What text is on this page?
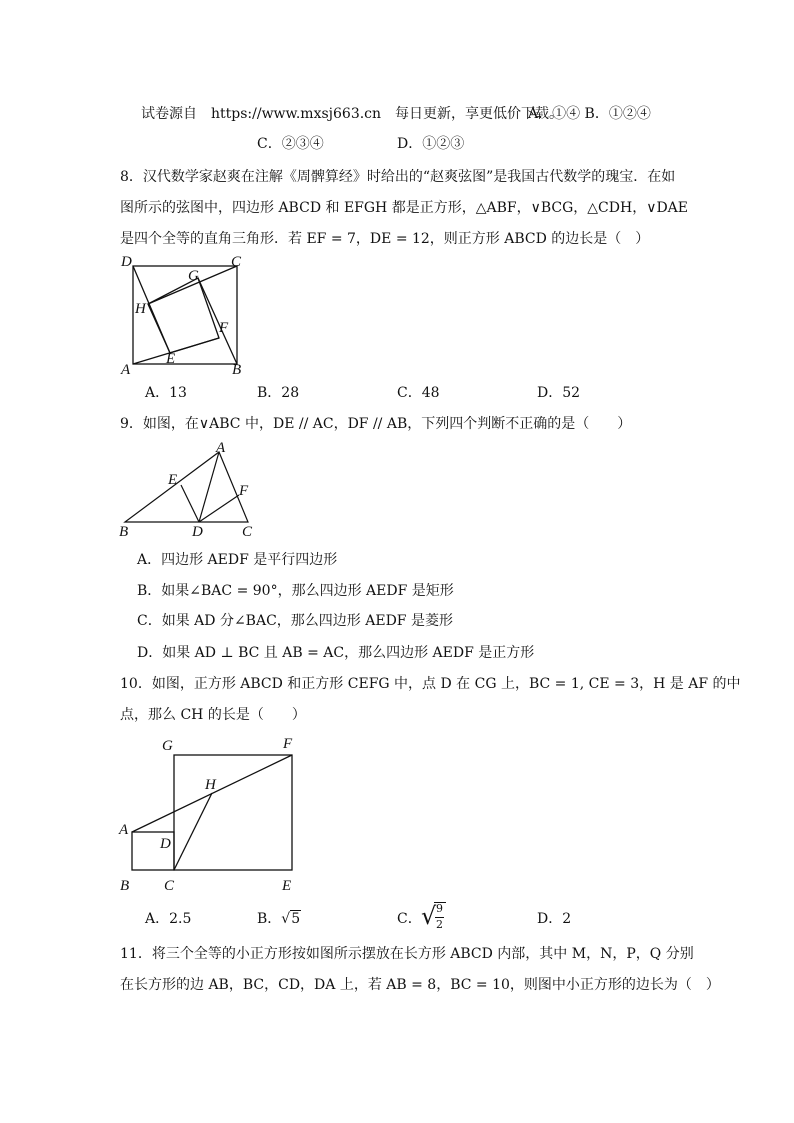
试卷源自　https://www.mxsj663.cn　每日更新，享更低价下载。
A．①④ B．①②④
C．②③④	D．①②③
8．汉代数学家赵爽在注解《周髀算经》时给出的“赵爽弦图”是我国古代数学的瑰宝．在如
图所示的弦图中，四边形 ABCD 和 EFGH 都是正方形，△ABF，∨BCG，△CDH，∨DAE
是四个全等的直角三角形．若 EF = 7，DE = 12，则正方形 ABCD 的边长是（　）
D	C
A	B
G
H
F
E
A．13	B．28	C．48	D．52
9．如图，在∨ABC 中，DE // AC，DF // AB，下列四个判断不正确的是（　　）
A
B	C
D
E
F
A．四边形 AEDF 是平行四边形
B．如果∠BAC = 90°，那么四边形 AEDF 是矩形
C．如果 AD 分∠BAC，那么四边形 AEDF 是菱形
D．如果 AD ⊥ BC 且 AB = AC，那么四边形 AEDF 是正方形
10．如图，正方形 ABCD 和正方形 CEFG 中，点 D 在 CG 上，BC = 1, CE = 3，H 是 AF 的中
点，那么 CH 的长是（　　）
G	F
H
A
D
B C	E
A．2.5	B．√5	C． √ 9
2	D．2
11．将三个全等的小正方形按如图所示摆放在长方形 ABCD 内部，其中 M，N，P，Q 分别
在长方形的边 AB，BC，CD，DA 上，若 AB = 8，BC = 10，则图中小正方形的边长为（　）
